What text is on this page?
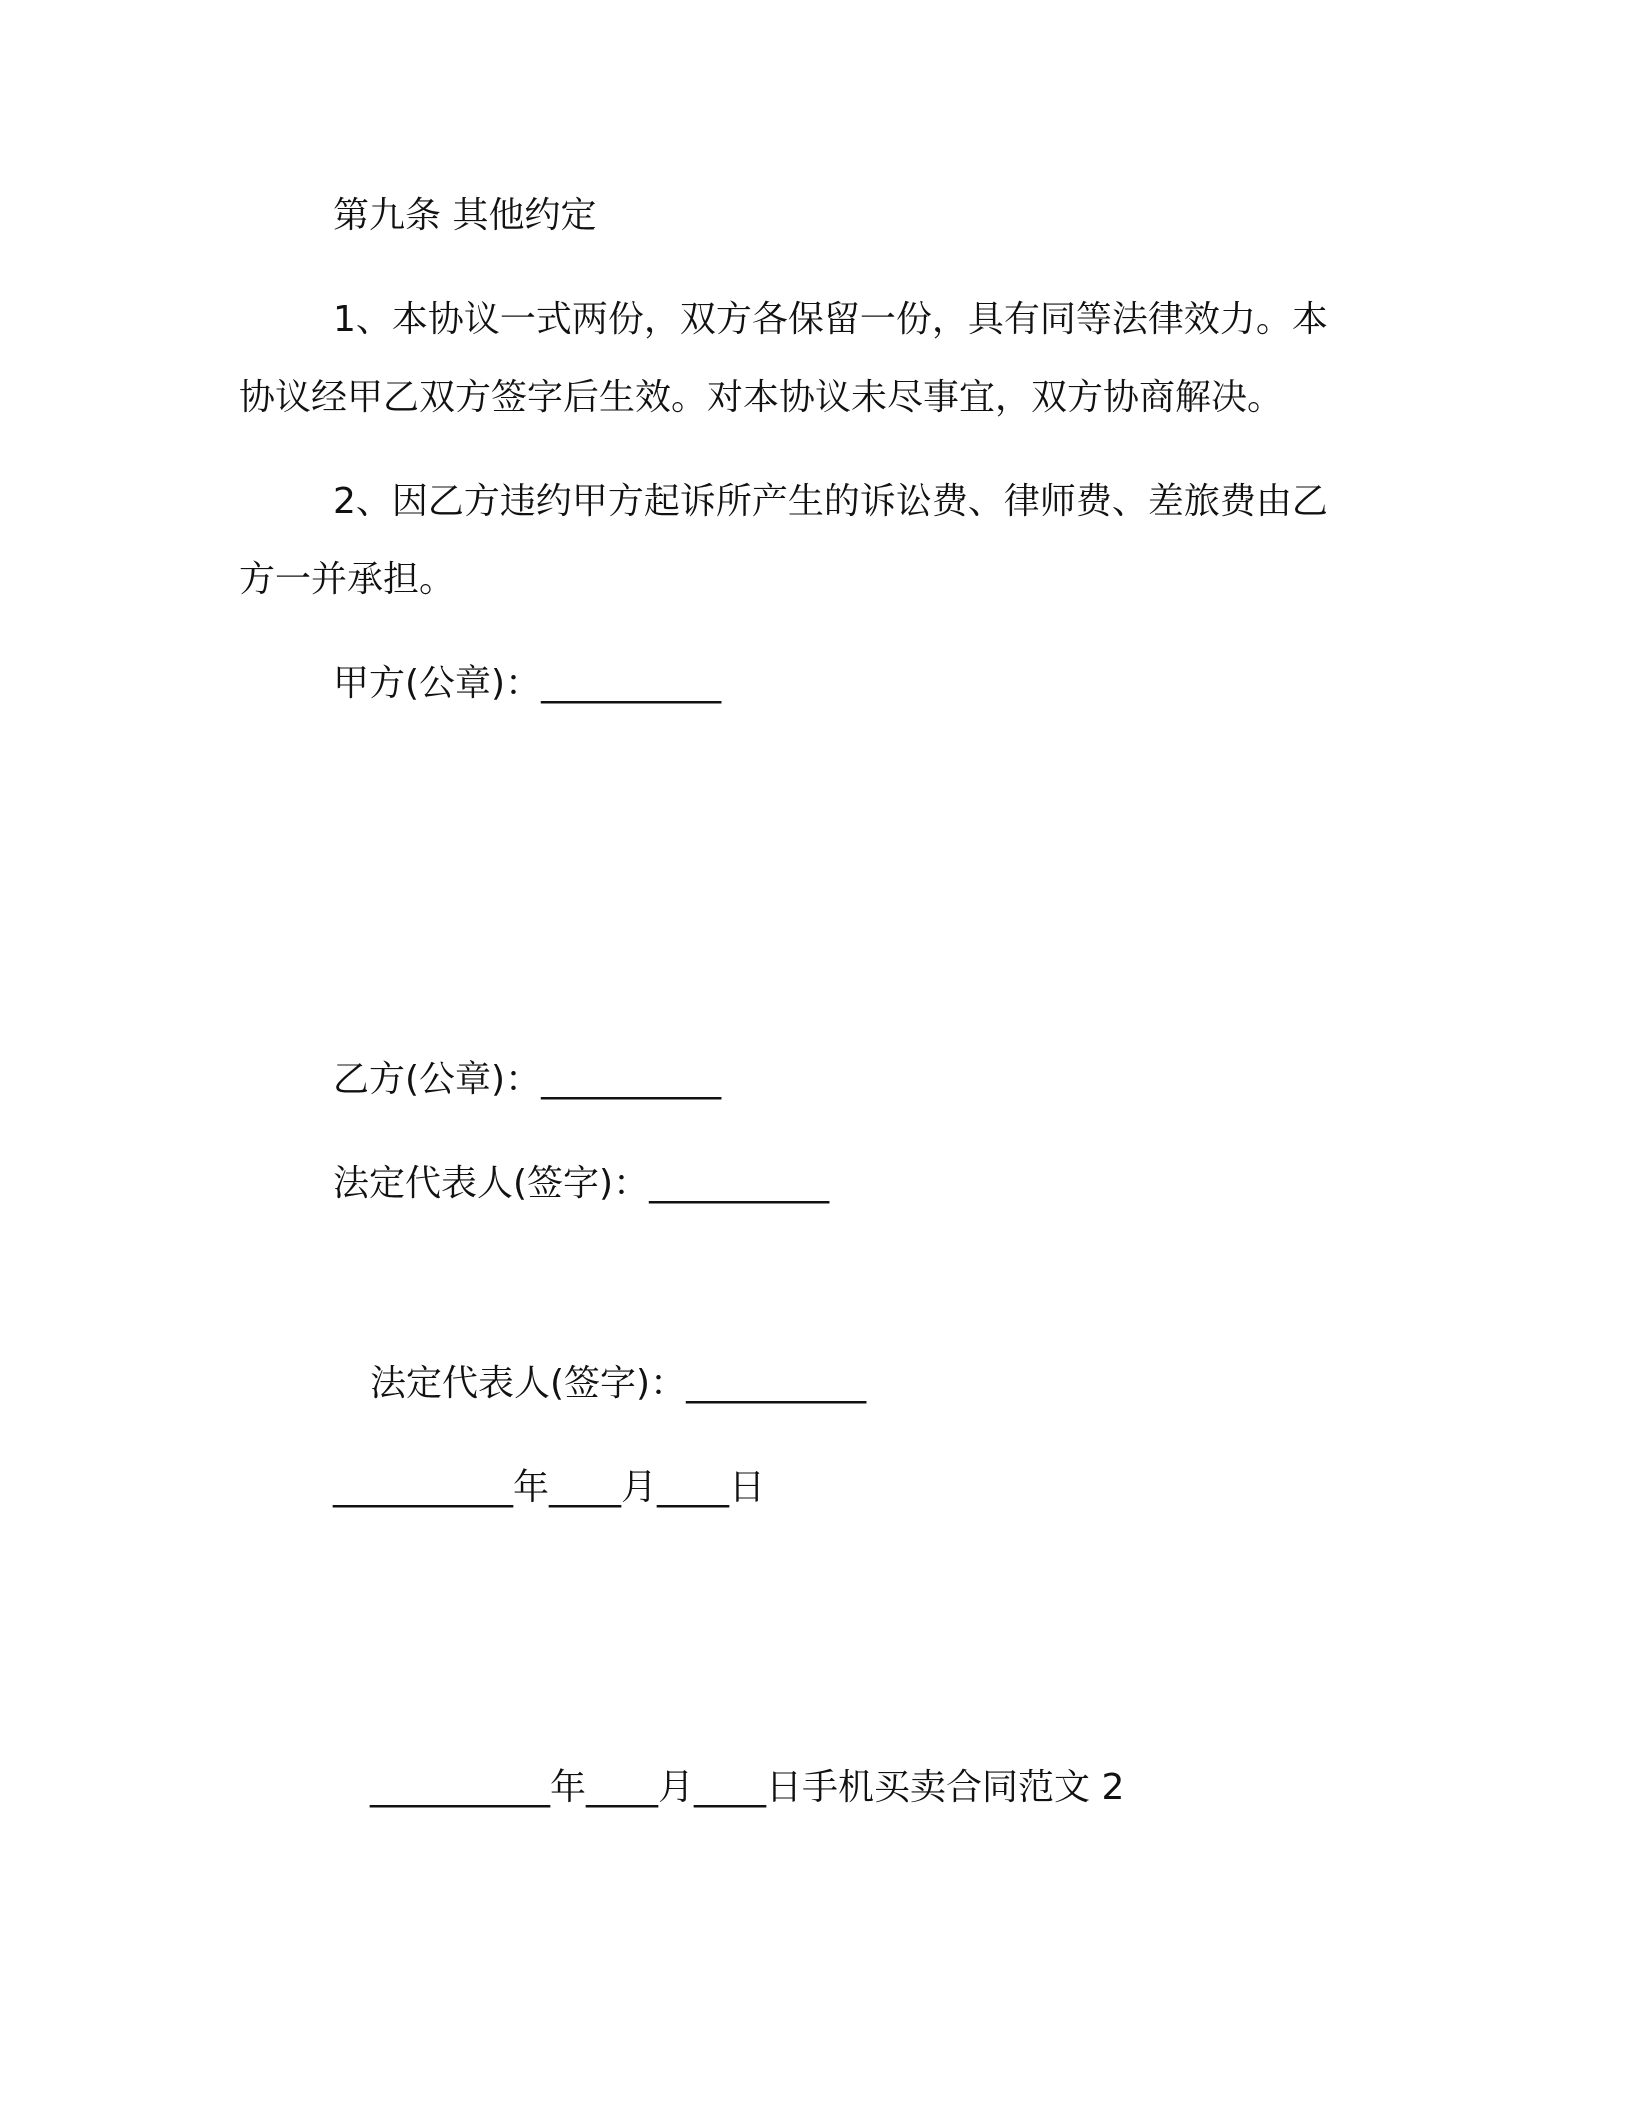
第九条 其他约定
1、本协议一式两份，双方各保留一份，具有同等法律效力。本
协议经甲乙双方签字后生效。对本协议未尽事宜，双方协商解决。
2、因乙方违约甲方起诉所产生的诉讼费、律师费、差旅费由乙
方一并承担。
甲方(公章)：__________
乙方(公章)：__________
法定代表人(签字)：__________
法定代表人(签字)：__________
__________年____月____日
__________年____月____日手机买卖合同范文 2
